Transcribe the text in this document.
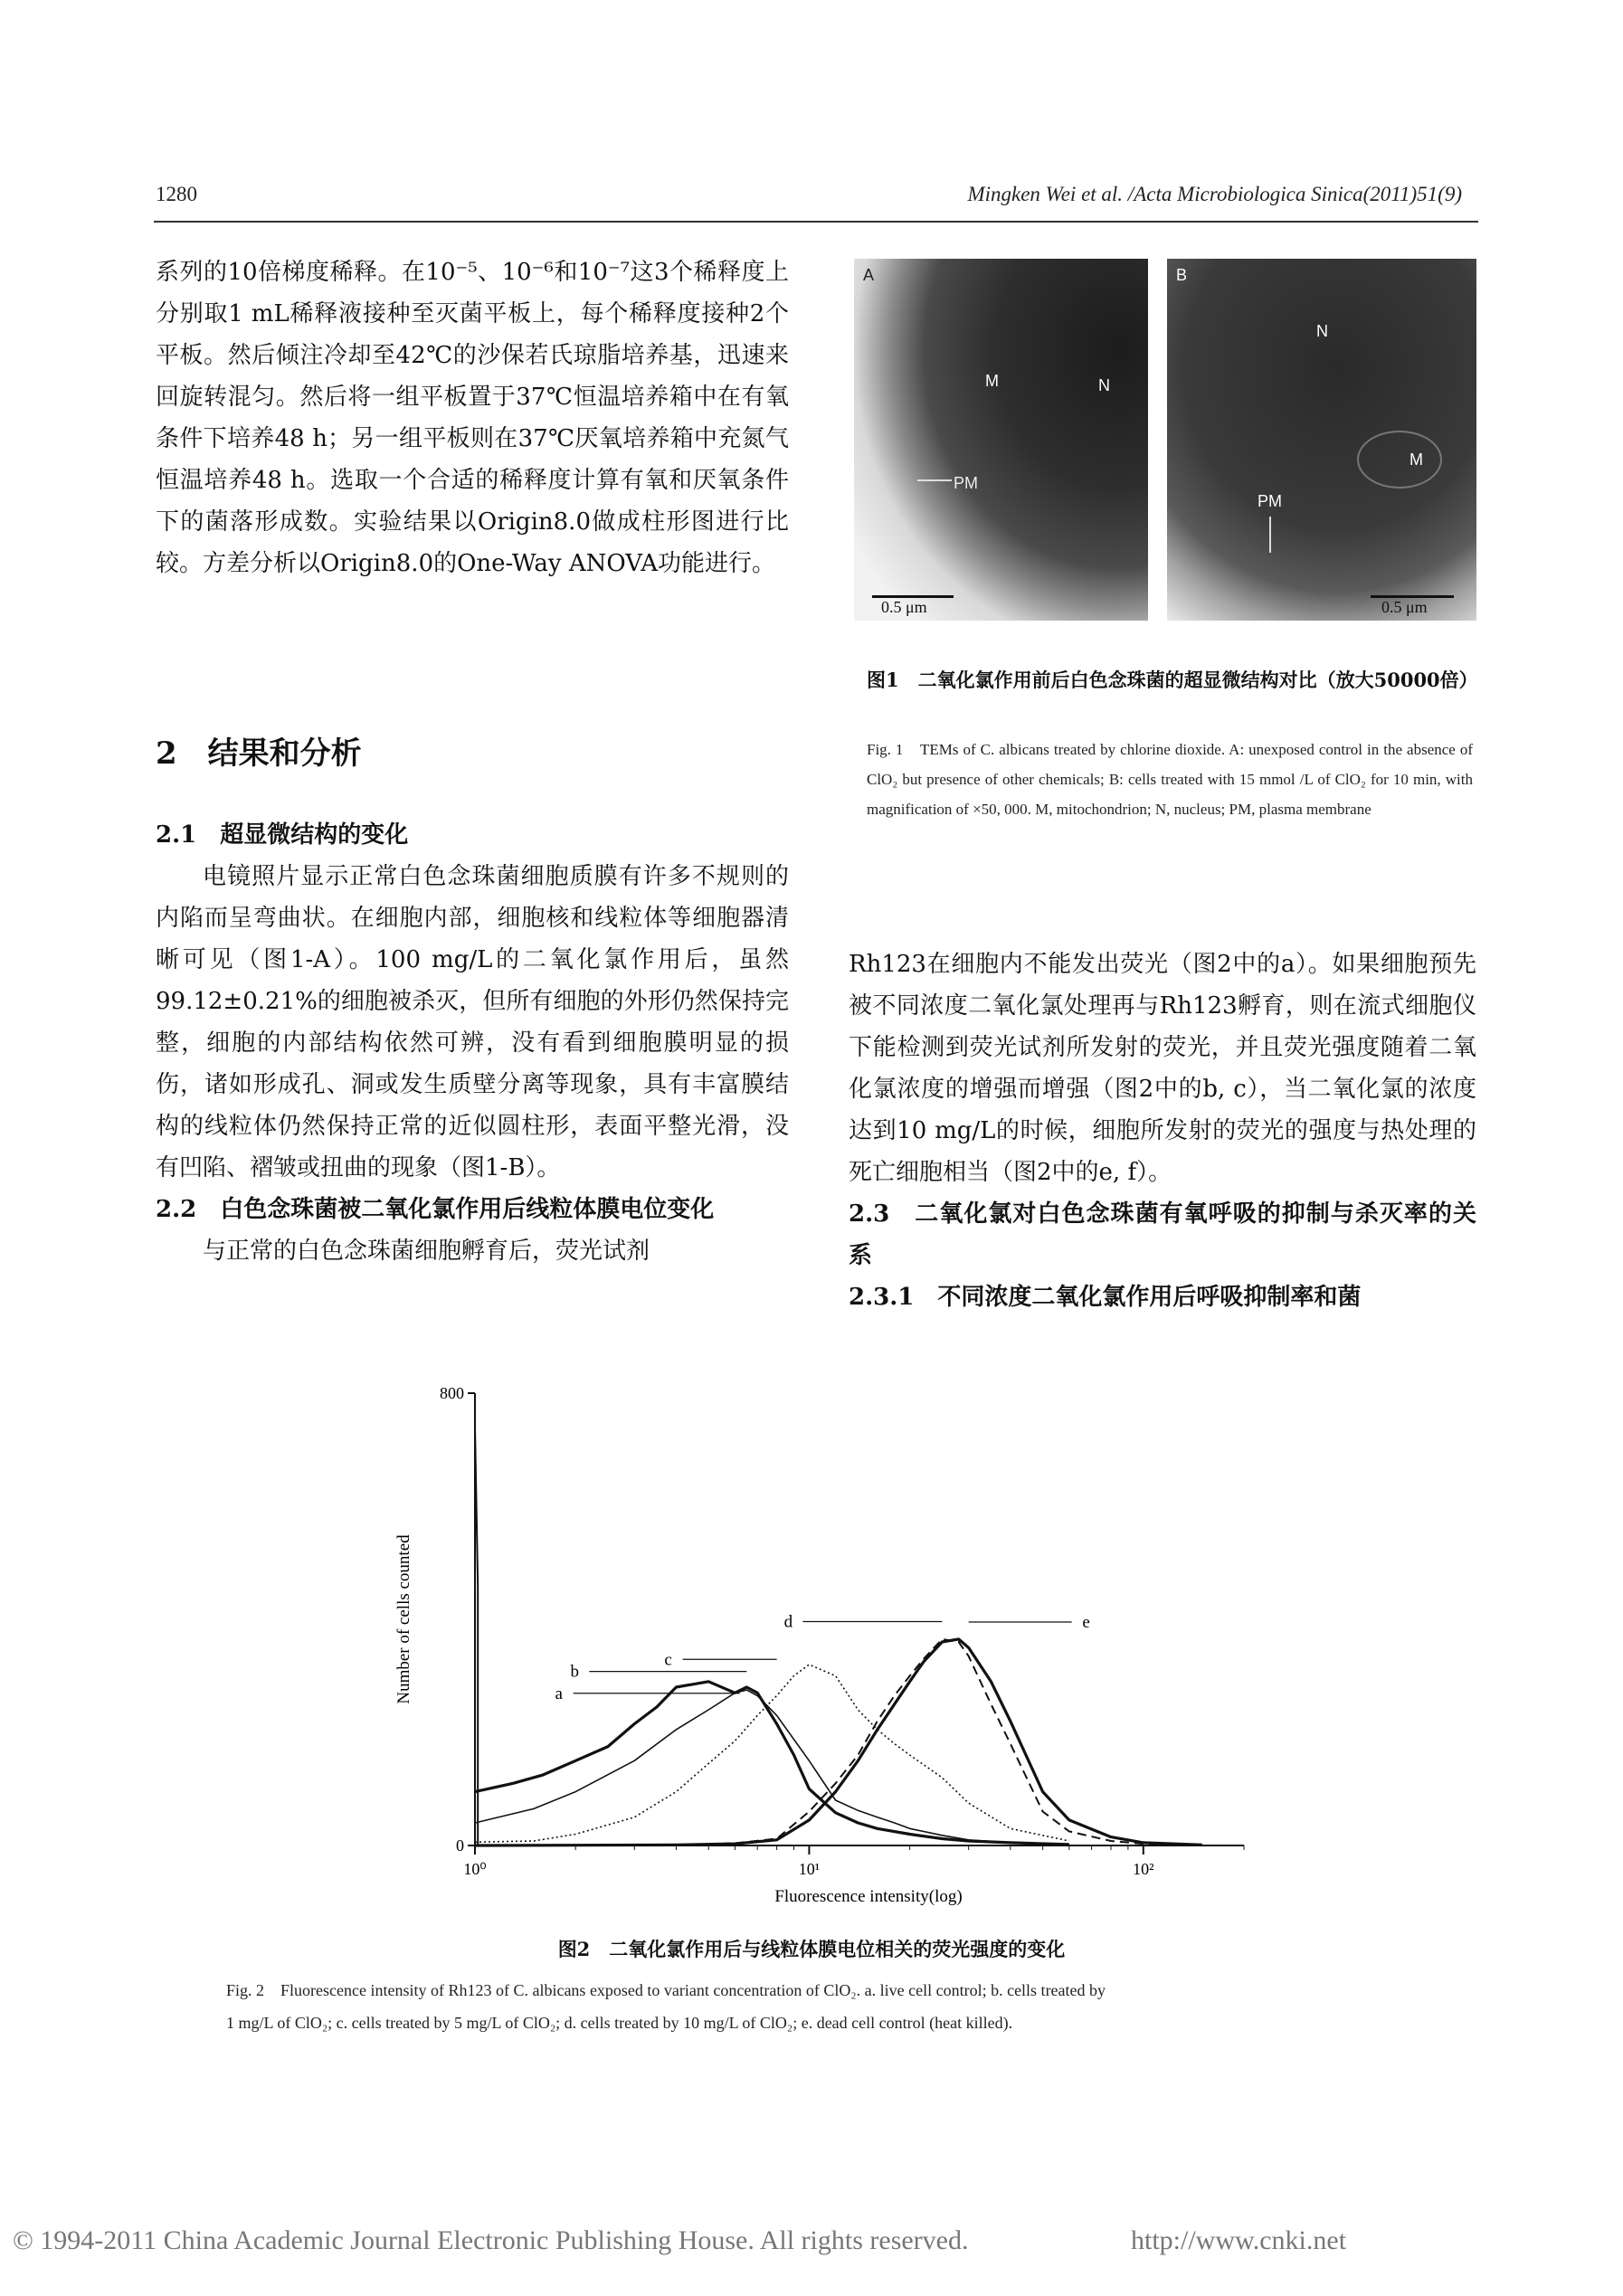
1280	Mingken Wei et al. /Acta Microbiologica Sinica(2011)51(9)

系列的10倍梯度稀释。在10⁻⁵、10⁻⁶和10⁻⁷这3个稀释度上分别取1 mL稀释液接种至灭菌平板上，每个稀释度接种2个平板。然后倾注冷却至42℃的沙保若氏琼脂培养基，迅速来回旋转混匀。然后将一组平板置于37℃恒温培养箱中在有氧条件下培养48 h；另一组平板则在37℃厌氧培养箱中充氮气恒温培养48 h。选取一个合适的稀释度计算有氧和厌氧条件下的菌落形成数。实验结果以Origin8.0做成柱形图进行比较。方差分析以Origin8.0的One-Way ANOVA功能进行。

2　结果和分析
2.1　超显微结构的变化

电镜照片显示正常白色念珠菌细胞质膜有许多不规则的内陷而呈弯曲状。在细胞内部，细胞核和线粒体等细胞器清晰可见（图1-A）。100 mg/L的二氧化氯作用后，虽然99.12±0.21%的细胞被杀灭，但所有细胞的外形仍然保持完整，细胞的内部结构依然可辨，没有看到细胞膜明显的损伤，诸如形成孔、洞或发生质壁分离等现象，具有丰富膜结构的线粒体仍然保持正常的近似圆柱形，表面平整光滑，没有凹陷、褶皱或扭曲的现象（图1-B）。

2.2　白色念珠菌被二氧化氯作用后线粒体膜电位变化

与正常的白色念珠菌细胞孵育后，荧光试剂

A
M	N
PM
0.5 μm
B
N
M
PM
0.5 μm
图1　二氧化氯作用前后白色念珠菌的超显微结构对比（放大50000倍）
Fig. 1　TEMs of C. albicans treated by chlorine dioxide. A: unexposed control in the absence of ClO₂ but presence of other chemicals; B: cells treated with 15 mmol /L of ClO₂ for 10 min, with magnification of ×50, 000. M, mitochondrion; N, nucleus; PM, plasma membrane

Rh123在细胞内不能发出荧光（图2中的a）。如果细胞预先被不同浓度二氧化氯处理再与Rh123孵育，则在流式细胞仪下能检测到荧光试剂所发射的荧光，并且荧光强度随着二氧化氯浓度的增强而增强（图2中的b, c），当二氧化氯的浓度达到10 mg/L的时候，细胞所发射的荧光的强度与热处理的死亡细胞相当（图2中的e, f）。

2.3　二氧化氯对白色念珠菌有氧呼吸的抑制与杀灭率的关系
2.3.1　不同浓度二氧化氯作用后呼吸抑制率和菌
0
800
10⁰	10¹	10²
Fluorescence intensity(log)
Number of cells counted	a
b
c
d	e
图2　二氧化氯作用后与线粒体膜电位相关的荧光强度的变化
Fig. 2　Fluorescence intensity of Rh123 of C. albicans exposed to variant concentration of ClO₂. a. live cell control; b. cells treated by
1 mg/L of ClO₂; c. cells treated by 5 mg/L of ClO₂; d. cells treated by 10 mg/L of ClO₂; e. dead cell control (heat killed).
© 1994-2011 China Academic Journal Electronic Publishing House. All rights reserved.	http://www.cnki.net
